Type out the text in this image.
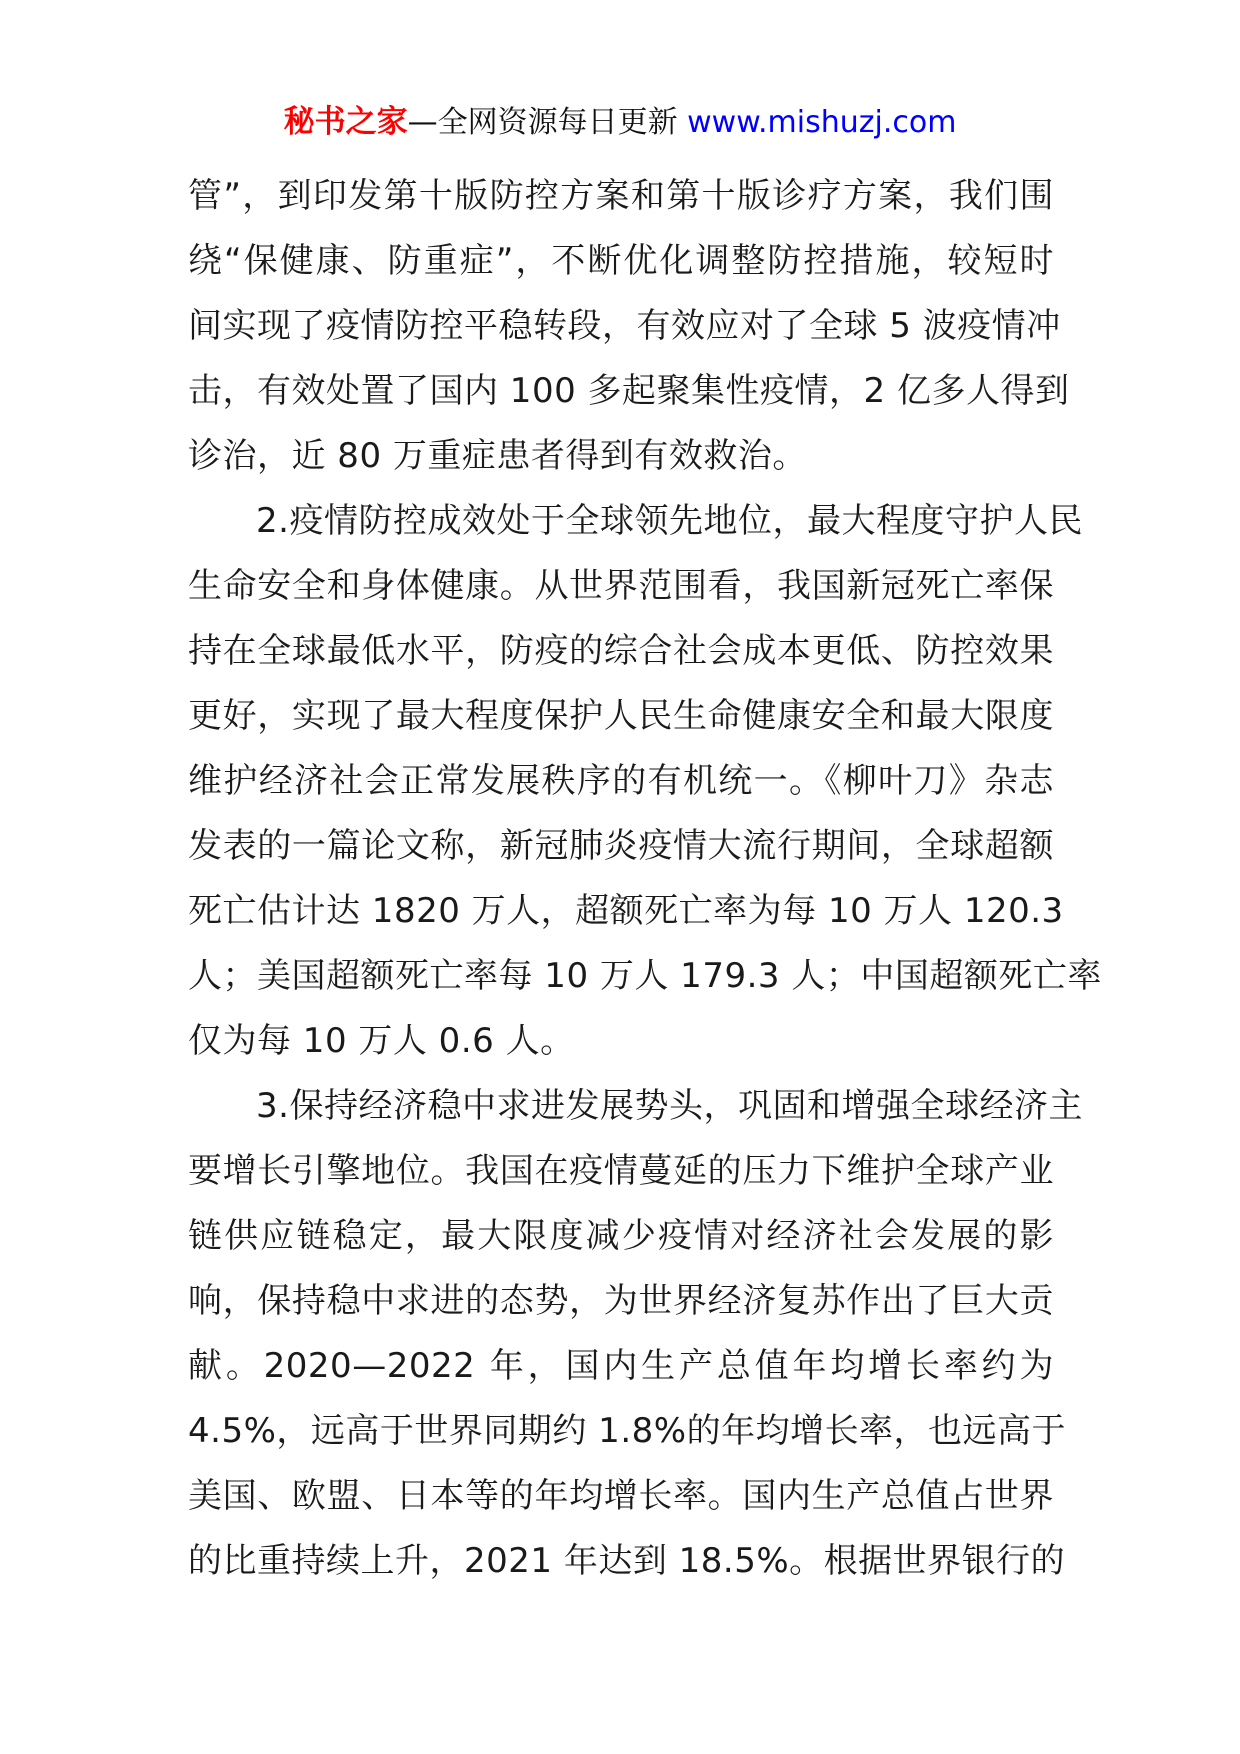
秘书之家—全网资源每日更新 www.mishuzj.com
管”，到印发第十版防控方案和第十版诊疗方案，我们围
绕“保健康、防重症”，不断优化调整防控措施，较短时
间实现了疫情防控平稳转段，有效应对了全球 5 波疫情冲
击，有效处置了国内 100 多起聚集性疫情，2 亿多人得到
诊治，近 80 万重症患者得到有效救治。
2.疫情防控成效处于全球领先地位，最大程度守护人民
生命安全和身体健康。从世界范围看，我国新冠死亡率保
持在全球最低水平，防疫的综合社会成本更低、防控效果
更好，实现了最大程度保护人民生命健康安全和最大限度
维护经济社会正常发展秩序的有机统一。《柳叶刀》杂志
发表的一篇论文称，新冠肺炎疫情大流行期间，全球超额
死亡估计达 1820 万人，超额死亡率为每 10 万人 120.3
人；美国超额死亡率每 10 万人 179.3 人；中国超额死亡率
仅为每 10 万人 0.6 人。
3.保持经济稳中求进发展势头，巩固和增强全球经济主
要增长引擎地位。我国在疫情蔓延的压力下维护全球产业
链供应链稳定，最大限度减少疫情对经济社会发展的影
响，保持稳中求进的态势，为世界经济复苏作出了巨大贡
献。2020—2022 年，国内生产总值年均增长率约为
4.5%，远高于世界同期约 1.8%的年均增长率，也远高于
美国、欧盟、日本等的年均增长率。国内生产总值占世界
的比重持续上升，2021 年达到 18.5%。根据世界银行的
